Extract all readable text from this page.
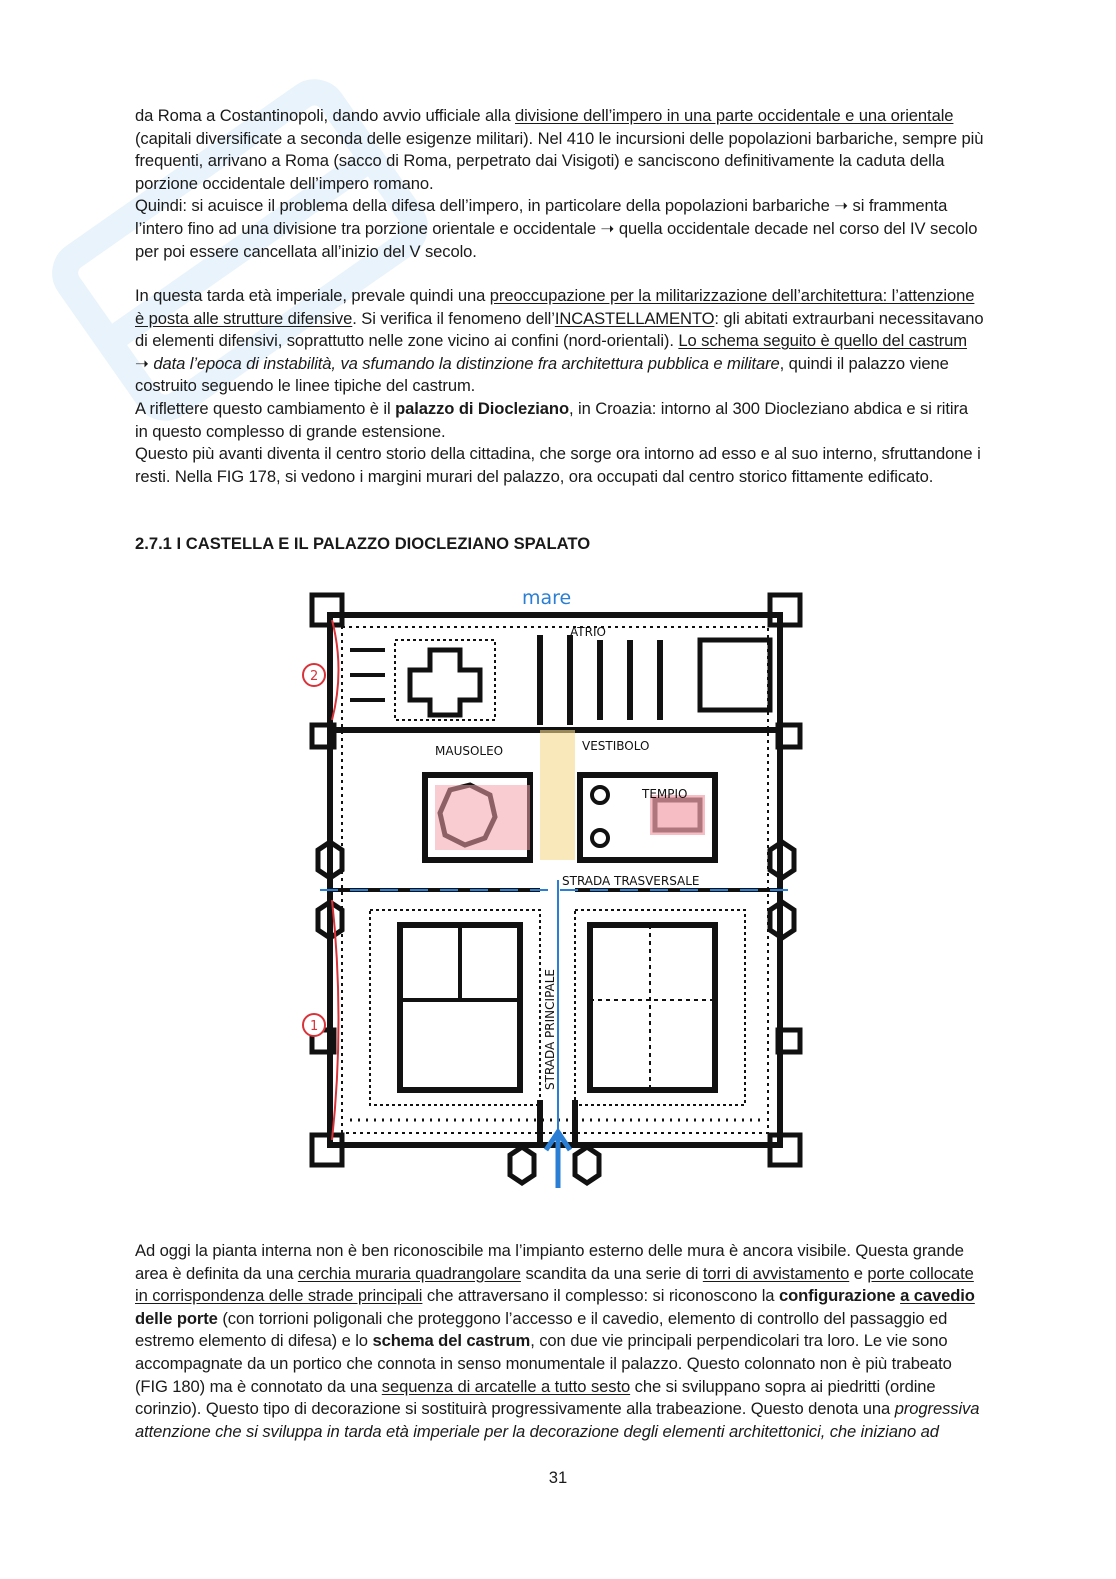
da Roma a Costantinopoli, dando avvio ufficiale alla divisione dell’impero in una parte occidentale e una orientale (capitali diversificate a seconda delle esigenze militari). Nel 410 le incursioni delle popolazioni barbariche, sempre più frequenti, arrivano a Roma (sacco di Roma, perpetrato dai Visigoti) e sanciscono definitivamente la caduta della porzione occidentale dell’impero romano.

Quindi: si acuisce il problema della difesa dell’impero, in particolare della popolazioni barbariche ➝ si frammenta l’intero fino ad una divisione tra porzione orientale e occidentale ➝ quella occidentale decade nel corso del IV secolo per poi essere cancellata all’inizio del V secolo.

In questa tarda età imperiale, prevale quindi una preoccupazione per la militarizzazione dell’architettura: l’attenzione è posta alle strutture difensive. Si verifica il fenomeno dell’INCASTELLAMENTO: gli abitati extraurbani necessitavano di elementi difensivi, soprattutto nelle zone vicino ai confini (nord-orientali). Lo schema seguito è quello del castrum ➝ data l’epoca di instabilità, va sfumando la distinzione fra architettura pubblica e militare, quindi il palazzo viene costruito seguendo le linee tipiche del castrum.

A riflettere questo cambiamento è il palazzo di Diocleziano, in Croazia: intorno al 300 Diocleziano abdica e si ritira in questo complesso di grande estensione.

Questo più avanti diventa il centro storio della cittadina, che sorge ora intorno ad esso e al suo interno, sfruttandone i resti. Nella FIG 178, si vedono i margini murari del palazzo, ora occupati dal centro storico fittamente edificato.

2.7.1 I CASTELLA E IL PALAZZO DIOCLEZIANO SPALATO
mare
ATRIO
MAUSOLEO	VESTIBOLO
TEMPIO
STRADA TRASVERSALE
STRADA PRINCIPALE
2
1

Ad oggi la pianta interna non è ben riconoscibile ma l’impianto esterno delle mura è ancora visibile. Questa grande area è definita da una cerchia muraria quadrangolare scandita da una serie di torri di avvistamento e porte collocate in corrispondenza delle strade principali che attraversano il complesso: si riconoscono la configurazione a cavedio delle porte (con torrioni poligonali che proteggono l’accesso e il cavedio, elemento di controllo del passaggio ed estremo elemento di difesa) e lo schema del castrum, con due vie principali perpendicolari tra loro. Le vie sono accompagnate da un portico che connota in senso monumentale il palazzo. Questo colonnato non è più trabeato (FIG 180) ma è connotato da una sequenza di arcatelle a tutto sesto che si sviluppano sopra ai piedritti (ordine corinzio). Questo tipo di decorazione si sostituirà progressivamente alla trabeazione. Questo denota una progressiva attenzione che si sviluppa in tarda età imperiale per la decorazione degli elementi architettonici, che iniziano ad

31
